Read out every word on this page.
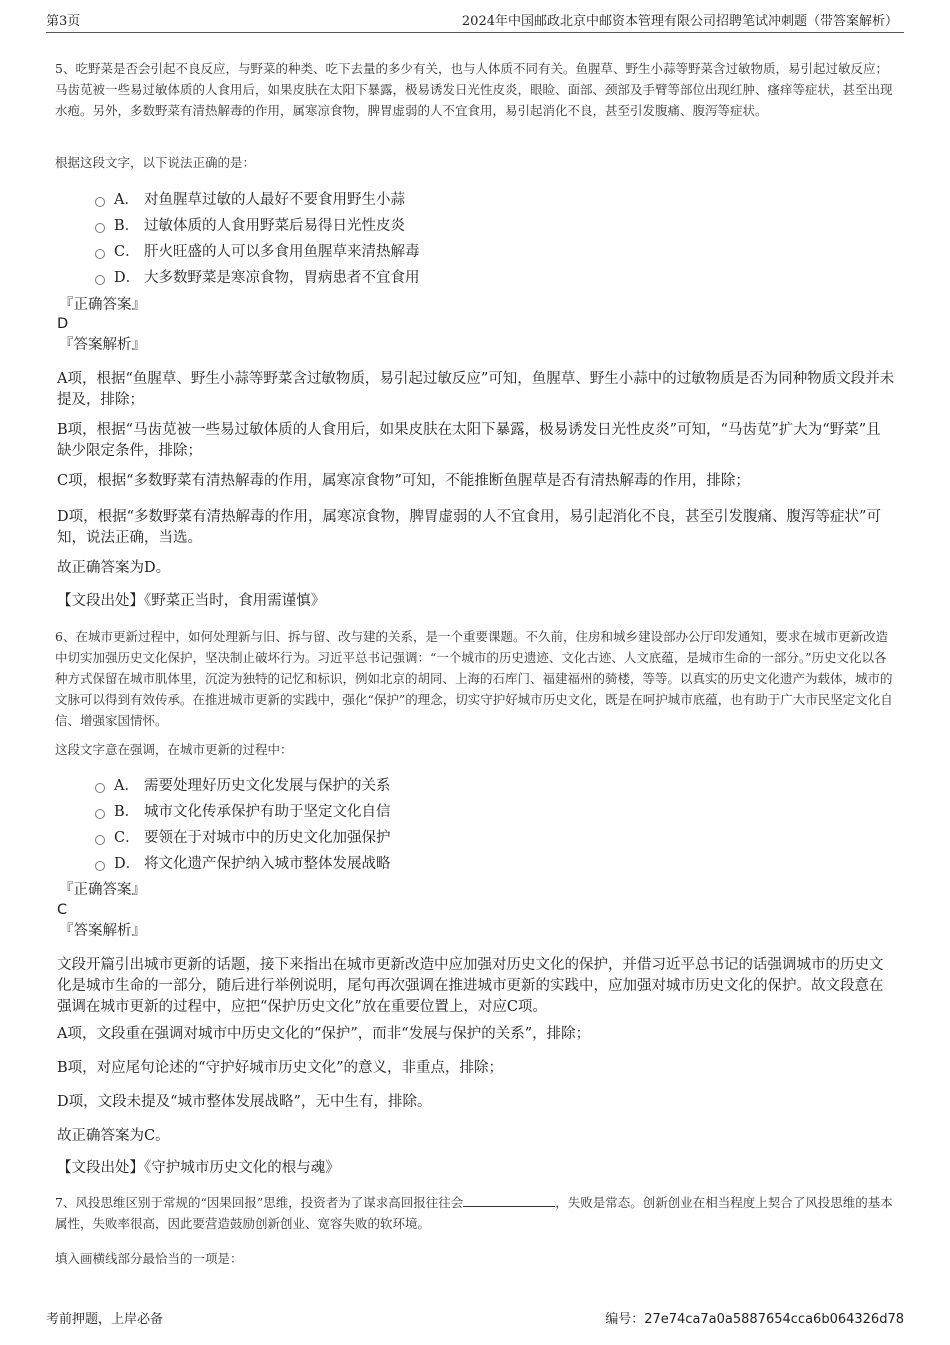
第3页	2024年中国邮政北京中邮资本管理有限公司招聘笔试冲刺题（带答案解析）
5、吃野菜是否会引起不良反应，与野菜的种类、吃下去量的多少有关，也与人体质不同有关。鱼腥草、野生小蒜等野菜含过敏物质，易引起过敏反应；马齿苋被一些易过敏体质的人食用后，如果皮肤在太阳下暴露，极易诱发日光性皮炎，眼睑、面部、颈部及手臂等部位出现红肿、瘙痒等症状，甚至出现水疱。另外，多数野菜有清热解毒的作用，属寒凉食物，脾胃虚弱的人不宜食用，易引起消化不良，甚至引发腹痛、腹泻等症状。
根据这段文字，以下说法正确的是：
A． 对鱼腥草过敏的人最好不要食用野生小蒜
B． 过敏体质的人食用野菜后易得日光性皮炎
C． 肝火旺盛的人可以多食用鱼腥草来清热解毒
D． 大多数野菜是寒凉食物，胃病患者不宜食用
『正确答案』
D
『答案解析』
A项，根据“鱼腥草、野生小蒜等野菜含过敏物质，易引起过敏反应”可知，鱼腥草、野生小蒜中的过敏物质是否为同种物质文段并未提及，排除；
B项，根据“马齿苋被一些易过敏体质的人食用后，如果皮肤在太阳下暴露，极易诱发日光性皮炎”可知，“马齿苋”扩大为“野菜”且缺少限定条件，排除；
C项，根据“多数野菜有清热解毒的作用，属寒凉食物”可知，不能推断鱼腥草是否有清热解毒的作用，排除；
D项，根据“多数野菜有清热解毒的作用，属寒凉食物，脾胃虚弱的人不宜食用，易引起消化不良，甚至引发腹痛、腹泻等症状”可知，说法正确，当选。
故正确答案为D。
【文段出处】《野菜正当时，食用需谨慎》
6、在城市更新过程中，如何处理新与旧、拆与留、改与建的关系，是一个重要课题。不久前，住房和城乡建设部办公厅印发通知，要求在城市更新改造中切实加强历史文化保护，坚决制止破坏行为。习近平总书记强调：“一个城市的历史遗迹、文化古迹、人文底蕴，是城市生命的一部分。”历史文化以各种方式保留在城市肌体里，沉淀为独特的记忆和标识，例如北京的胡同、上海的石库门、福建福州的骑楼，等等。以真实的历史文化遗产为载体，城市的文脉可以得到有效传承。在推进城市更新的实践中，强化“保护”的理念，切实守护好城市历史文化，既是在呵护城市底蕴，也有助于广大市民坚定文化自信、增强家国情怀。
这段文字意在强调，在城市更新的过程中：
A． 需要处理好历史文化发展与保护的关系
B． 城市文化传承保护有助于坚定文化自信
C． 要领在于对城市中的历史文化加强保护
D． 将文化遗产保护纳入城市整体发展战略
『正确答案』
C
『答案解析』
文段开篇引出城市更新的话题，接下来指出在城市更新改造中应加强对历史文化的保护，并借习近平总书记的话强调城市的历史文化是城市生命的一部分，随后进行举例说明，尾句再次强调在推进城市更新的实践中，应加强对城市历史文化的保护。故文段意在强调在城市更新的过程中，应把“保护历史文化”放在重要位置上，对应C项。
A项，文段重在强调对城市中历史文化的“保护”，而非“发展与保护的关系”，排除；
B项，对应尾句论述的“守护好城市历史文化”的意义，非重点，排除；
D项，文段未提及“城市整体发展战略”，无中生有，排除。
故正确答案为C。
【文段出处】《守护城市历史文化的根与魂》
7、风投思维区别于常规的“因果回报”思维，投资者为了谋求高回报往往会	，失败是常态。创新创业在相当程度上契合了风投思维的基本属性，失败率很高，因此要营造鼓励创新创业、宽容失败的软环境。
填入画横线部分最恰当的一项是：
考前押题，上岸必备	编号：27e74ca7a0a5887654cca6b064326d78
